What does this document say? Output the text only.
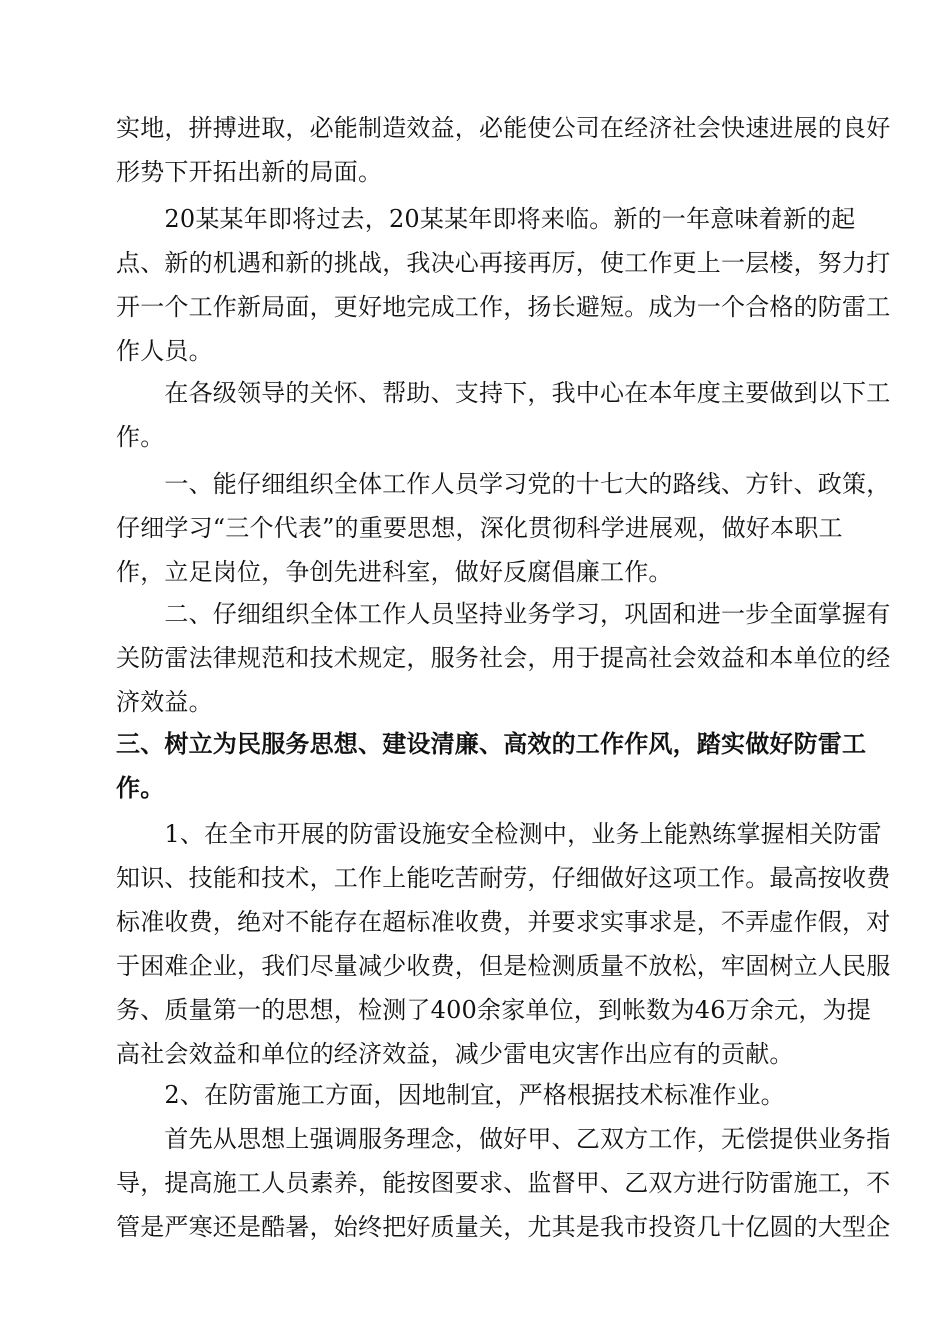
实地，拼搏进取，必能制造效益，必能使公司在经济社会快速进展的良好
形势下开拓出新的局面。
　　20某某年即将过去，20某某年即将来临。新的一年意味着新的起
点、新的机遇和新的挑战，我决心再接再厉，使工作更上一层楼，努力打
开一个工作新局面，更好地完成工作，扬长避短。成为一个合格的防雷工
作人员。
　　在各级领导的关怀、帮助、支持下，我中心在本年度主要做到以下工
作。
　　一、能仔细组织全体工作人员学习党的十七大的路线、方针、政策，
仔细学习“三个代表”的重要思想，深化贯彻科学进展观，做好本职工
作，立足岗位，争创先进科室，做好反腐倡廉工作。
　　二、仔细组织全体工作人员坚持业务学习，巩固和进一步全面掌握有
关防雷法律规范和技术规定，服务社会，用于提高社会效益和本单位的经
济效益。
三、树立为民服务思想、建设清廉、高效的工作作风，踏实做好防雷工
作。
　　1、在全市开展的防雷设施安全检测中，业务上能熟练掌握相关防雷
知识、技能和技术，工作上能吃苦耐劳，仔细做好这项工作。最高按收费
标准收费，绝对不能存在超标准收费，并要求实事求是，不弄虚作假，对
于困难企业，我们尽量减少收费，但是检测质量不放松，牢固树立人民服
务、质量第一的思想，检测了400余家单位，到帐数为46万余元，为提
高社会效益和单位的经济效益，减少雷电灾害作出应有的贡献。
　　2、在防雷施工方面，因地制宜，严格根据技术标准作业。
　　首先从思想上强调服务理念，做好甲、乙双方工作，无偿提供业务指
导，提高施工人员素养，能按图要求、监督甲、乙双方进行防雷施工，不
管是严寒还是酷暑，始终把好质量关，尤其是我市投资几十亿圆的大型企
